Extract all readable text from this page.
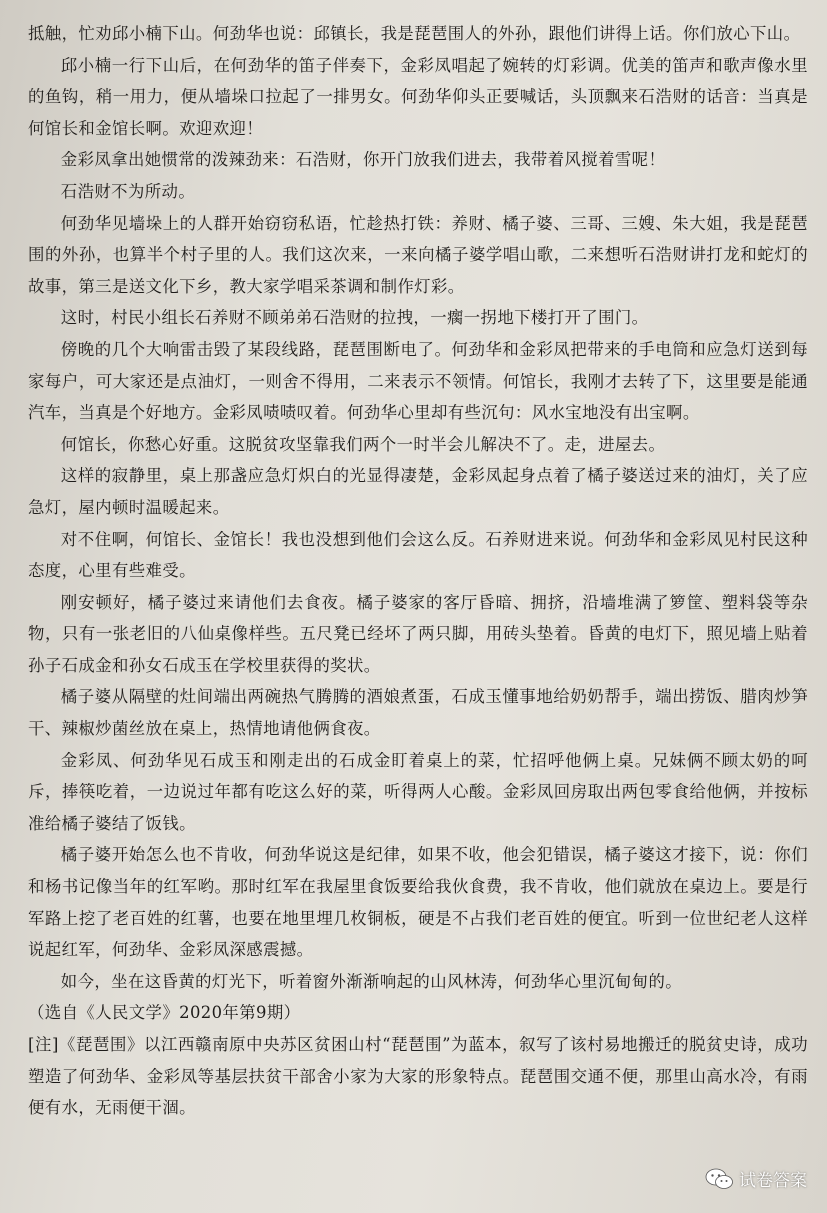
抵触，忙劝邱小楠下山。何劲华也说：邱镇长，我是琵琶围人的外孙，跟他们讲得上话。你们放心下山。

邱小楠一行下山后，在何劲华的笛子伴奏下，金彩凤唱起了婉转的灯彩调。优美的笛声和歌声像水里的鱼钩，稍一用力，便从墙垛口拉起了一排男女。何劲华仰头正要喊话，头顶飘来石浩财的话音：当真是何馆长和金馆长啊。欢迎欢迎！

金彩凤拿出她惯常的泼辣劲来：石浩财，你开门放我们进去，我带着风搅着雪呢！

石浩财不为所动。

何劲华见墙垛上的人群开始窃窃私语，忙趁热打铁：养财、橘子婆、三哥、三嫂、朱大姐，我是琵琶围的外孙，也算半个村子里的人。我们这次来，一来向橘子婆学唱山歌，二来想听石浩财讲打龙和蛇灯的故事，第三是送文化下乡，教大家学唱采茶调和制作灯彩。

这时，村民小组长石养财不顾弟弟石浩财的拉拽，一瘸一拐地下楼打开了围门。

傍晚的几个大响雷击毁了某段线路，琵琶围断电了。何劲华和金彩凤把带来的手电筒和应急灯送到每家每户，可大家还是点油灯，一则舍不得用，二来表示不领情。何馆长，我刚才去转了下，这里要是能通汽车，当真是个好地方。金彩凤啧啧叹着。何劲华心里却有些沉句：风水宝地没有出宝啊。

何馆长，你愁心好重。这脱贫攻坚靠我们两个一时半会儿解决不了。走，进屋去。

这样的寂静里，桌上那盏应急灯炽白的光显得凄楚，金彩凤起身点着了橘子婆送过来的油灯，关了应急灯，屋内顿时温暖起来。

对不住啊，何馆长、金馆长！我也没想到他们会这么反。石养财进来说。何劲华和金彩凤见村民这种态度，心里有些难受。

刚安顿好，橘子婆过来请他们去食夜。橘子婆家的客厅昏暗、拥挤，沿墙堆满了箩筐、塑料袋等杂物，只有一张老旧的八仙桌像样些。五尺凳已经坏了两只脚，用砖头垫着。昏黄的电灯下，照见墙上贴着孙子石成金和孙女石成玉在学校里获得的奖状。

橘子婆从隔壁的灶间端出两碗热气腾腾的酒娘煮蛋，石成玉懂事地给奶奶帮手，端出捞饭、腊肉炒笋干、辣椒炒菌丝放在桌上，热情地请他俩食夜。

金彩凤、何劲华见石成玉和刚走出的石成金盯着桌上的菜，忙招呼他俩上桌。兄妹俩不顾太奶的呵斥，捧筷吃着，一边说过年都有吃这么好的菜，听得两人心酸。金彩凤回房取出两包零食给他俩，并按标准给橘子婆结了饭钱。

橘子婆开始怎么也不肯收，何劲华说这是纪律，如果不收，他会犯错误，橘子婆这才接下，说：你们和杨书记像当年的红军哟。那时红军在我屋里食饭要给我伙食费，我不肯收，他们就放在桌边上。要是行军路上挖了老百姓的红薯，也要在地里埋几枚铜板，硬是不占我们老百姓的便宜。听到一位世纪老人这样说起红军，何劲华、金彩凤深感震撼。

如今，坐在这昏黄的灯光下，听着窗外渐渐响起的山风林涛，何劲华心里沉甸甸的。

（选自《人民文学》2020年第9期）

[注]《琵琶围》以江西赣南原中央苏区贫困山村“琵琶围”为蓝本，叙写了该村易地搬迁的脱贫史诗，成功塑造了何劲华、金彩凤等基层扶贫干部舍小家为大家的形象特点。琵琶围交通不便，那里山高水冷，有雨便有水，无雨便干涸。

试卷答案
